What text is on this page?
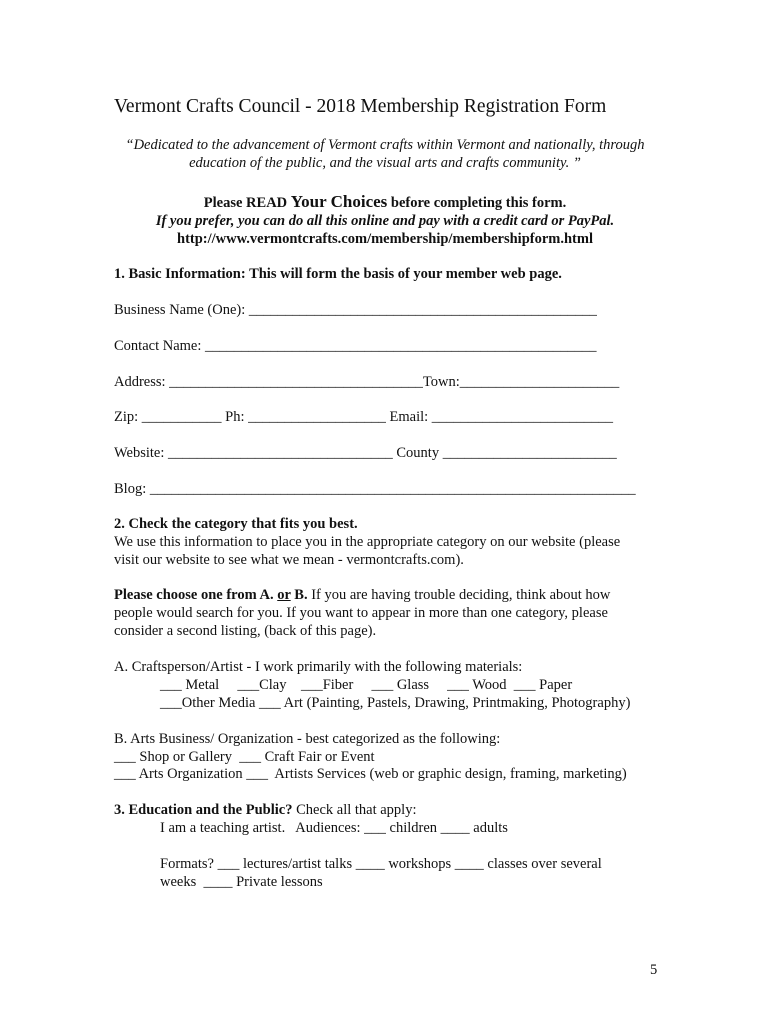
Vermont Crafts Council - 2018 Membership Registration Form
“Dedicated to the advancement of Vermont crafts within Vermont and nationally, through
education of the public, and the visual arts and crafts community. ”
Please READ Your Choices before completing this form.
If you prefer, you can do all this online and pay with a credit card or PayPal.
http://www.vermontcrafts.com/membership/membershipform.html
1. Basic Information: This will form the basis of your member web page.
Business Name (One): ________________________________________________
Contact Name: ______________________________________________________
Address: ___________________________________Town:______________________
Zip: ___________ Ph: ___________________ Email: _________________________
Website: _______________________________ County ________________________
Blog: ___________________________________________________________________
2. Check the category that fits you best.
We use this information to place you in the appropriate category on our website (please
visit our website to see what we mean - vermontcrafts.com).
Please choose one from A. or B. If you are having trouble deciding, think about how
people would search for you. If you want to appear in more than one category, please
consider a second listing, (back of this page).
A. Craftsperson/Artist - I work primarily with the following materials:
___ Metal     ___Clay    ___Fiber     ___ Glass     ___ Wood  ___ Paper
___Other Media ___ Art (Painting, Pastels, Drawing, Printmaking, Photography)
B. Arts Business/ Organization - best categorized as the following:
___ Shop or Gallery  ___ Craft Fair or Event
___ Arts Organization ___  Artists Services (web or graphic design, framing, marketing)
3. Education and the Public? Check all that apply:
I am a teaching artist.   Audiences: ___ children ____ adults
Formats? ___ lectures/artist talks ____ workshops ____ classes over several
weeks  ____ Private lessons
5
